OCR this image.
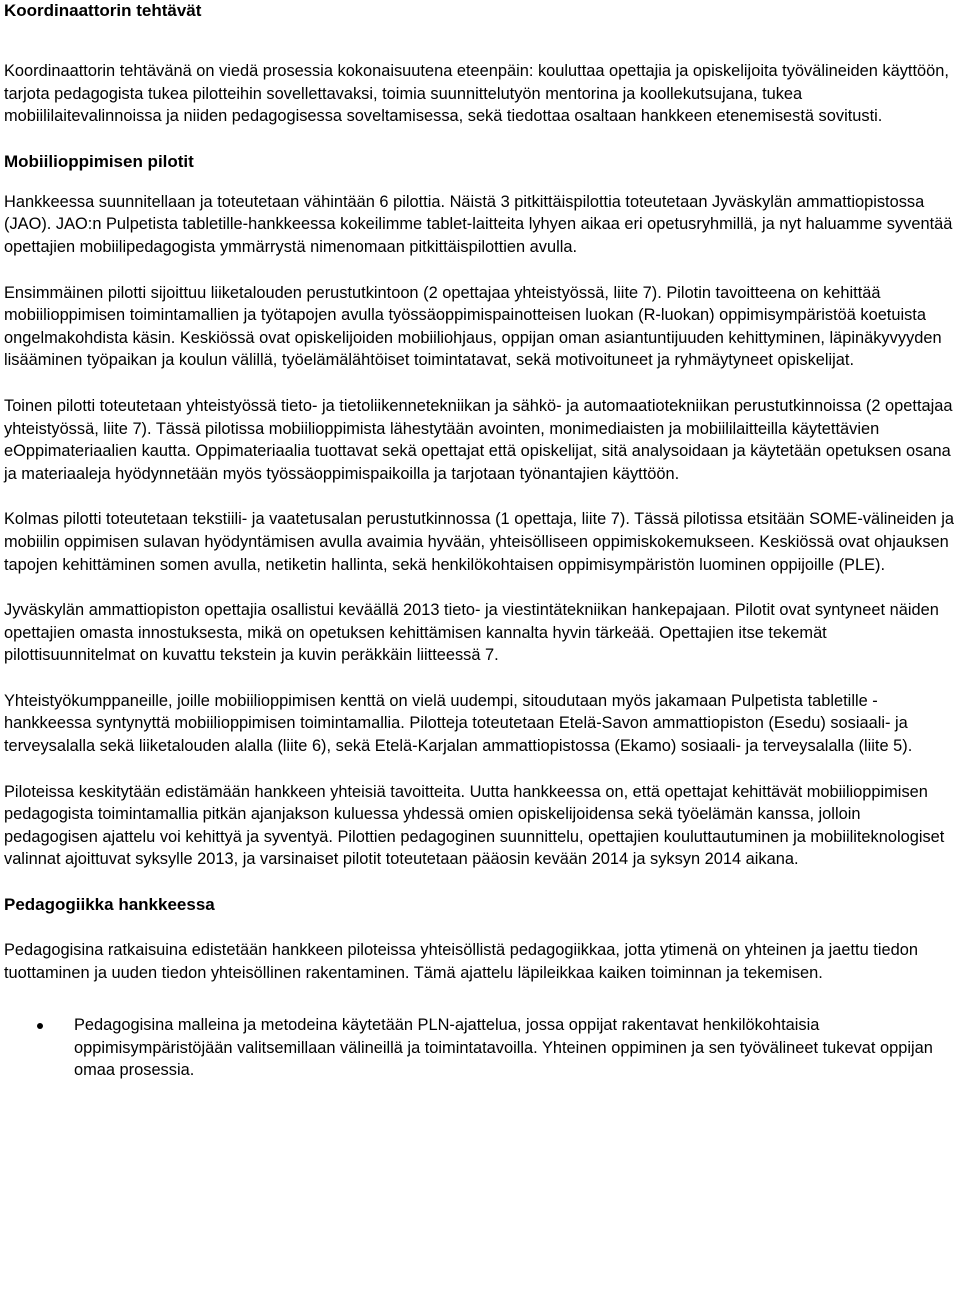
Koordinaattorin tehtävät

Koordinaattorin tehtävänä on viedä prosessia kokonaisuutena eteenpäin: kouluttaa opettajia ja opiskelijoita työvälineiden käyttöön, tarjota pedagogista tukea pilotteihin sovellettavaksi, toimia suunnittelutyön mentorina ja koollekutsujana, tukea mobiililaitevalinnoissa ja niiden pedagogisessa soveltamisessa, sekä tiedottaa osaltaan hankkeen etenemisestä sovitusti.

Mobiilioppimisen pilotit

Hankkeessa suunnitellaan ja toteutetaan vähintään 6 pilottia. Näistä 3 pitkittäispilottia toteutetaan Jyväskylän ammattiopistossa (JAO). JAO:n Pulpetista tabletille-hankkeessa kokeilimme tablet-laitteita lyhyen aikaa eri opetusryhmillä, ja nyt haluamme syventää opettajien mobiilipedagogista ymmärrystä nimenomaan pitkittäispilottien avulla.

Ensimmäinen pilotti sijoittuu liiketalouden perustutkintoon (2 opettajaa yhteistyössä, liite 7). Pilotin tavoitteena on kehittää mobiilioppimisen toimintamallien ja työtapojen avulla työssäoppimispainotteisen luokan (R-luokan) oppimisympäristöä koetuista ongelmakohdista käsin. Keskiössä ovat opiskelijoiden mobiiliohjaus, oppijan oman asiantuntijuuden kehittyminen, läpinäkyvyyden lisääminen työpaikan ja koulun välillä, työelämälähtöiset toimintatavat, sekä motivoituneet ja ryhmäytyneet opiskelijat.

Toinen pilotti toteutetaan yhteistyössä tieto- ja tietoliikennetekniikan ja sähkö- ja automaatiotekniikan perustutkinnoissa (2 opettajaa yhteistyössä, liite 7). Tässä pilotissa mobiilioppimista lähestytään avointen, monimediaisten ja mobiililaitteilla käytettävien eOppimateriaalien kautta. Oppimateriaalia tuottavat sekä opettajat että opiskelijat, sitä analysoidaan ja käytetään opetuksen osana ja materiaaleja hyödynnetään myös työssäoppimispaikoilla ja tarjotaan työnantajien käyttöön.

Kolmas pilotti toteutetaan tekstiili- ja vaatetusalan perustutkinnossa (1 opettaja, liite 7). Tässä pilotissa etsitään SOME-välineiden ja mobiilin oppimisen sulavan hyödyntämisen avulla avaimia hyvään, yhteisölliseen oppimiskokemukseen. Keskiössä ovat ohjauksen tapojen kehittäminen somen avulla, netiketin hallinta, sekä henkilökohtaisen oppimisympäristön luominen oppijoille (PLE).

Jyväskylän ammattiopiston opettajia osallistui keväällä 2013 tieto- ja viestintätekniikan hankepajaan. Pilotit ovat syntyneet näiden opettajien omasta innostuksesta, mikä on opetuksen kehittämisen kannalta hyvin tärkeää. Opettajien itse tekemät pilottisuunnitelmat on kuvattu tekstein ja kuvin peräkkäin liitteessä 7.

Yhteistyökumppaneille, joille mobiilioppimisen kenttä on vielä uudempi, sitoudutaan myös jakamaan Pulpetista tabletille -hankkeessa syntynyttä mobiilioppimisen toimintamallia. Pilotteja toteutetaan Etelä-Savon ammattiopiston (Esedu) sosiaali- ja terveysalalla sekä liiketalouden alalla (liite 6), sekä Etelä-Karjalan ammattiopistossa (Ekamo) sosiaali- ja terveysalalla (liite 5).

Piloteissa keskitytään edistämään hankkeen yhteisiä tavoitteita. Uutta hankkeessa on, että opettajat kehittävät mobiilioppimisen pedagogista toimintamallia pitkän ajanjakson kuluessa yhdessä omien opiskelijoidensa sekä työelämän kanssa, jolloin pedagogisen ajattelu voi kehittyä ja syventyä. Pilottien pedagoginen suunnittelu, opettajien kouluttautuminen ja mobiiliteknologiset valinnat ajoittuvat syksylle 2013, ja varsinaiset pilotit toteutetaan pääosin kevään 2014 ja syksyn 2014 aikana.

Pedagogiikka hankkeessa

Pedagogisina ratkaisuina edistetään hankkeen piloteissa yhteisöllistä pedagogiikkaa, jotta ytimenä on yhteinen ja jaettu tiedon tuottaminen ja uuden tiedon yhteisöllinen rakentaminen. Tämä ajattelu läpileikkaa kaiken toiminnan ja tekemisen.

Pedagogisina malleina ja metodeina käytetään PLN-ajattelua, jossa oppijat rakentavat henkilökohtaisia oppimisympäristöjään valitsemillaan välineillä ja toimintatavoilla. Yhteinen oppiminen ja sen työvälineet tukevat oppijan omaa prosessia.
